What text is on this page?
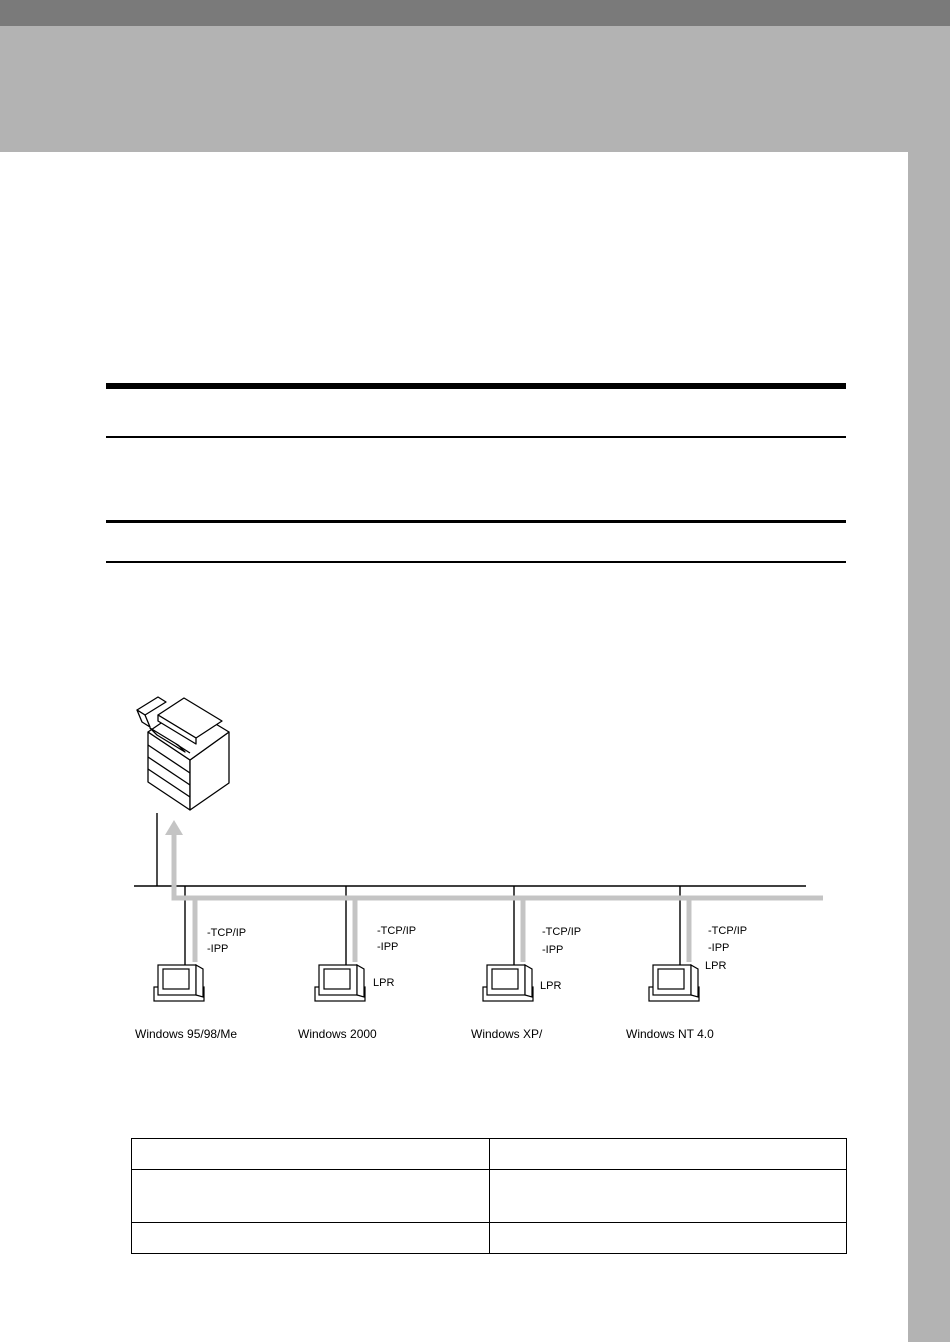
-TCP/IP
-IPP
-TCP/IP
-IPP
-TCP/IP
-IPP
-TCP/IP
-IPP
LPR	LPR
LPR
Windows 95/98/Me	Windows 2000	Windows XP/	Windows NT 4.0
